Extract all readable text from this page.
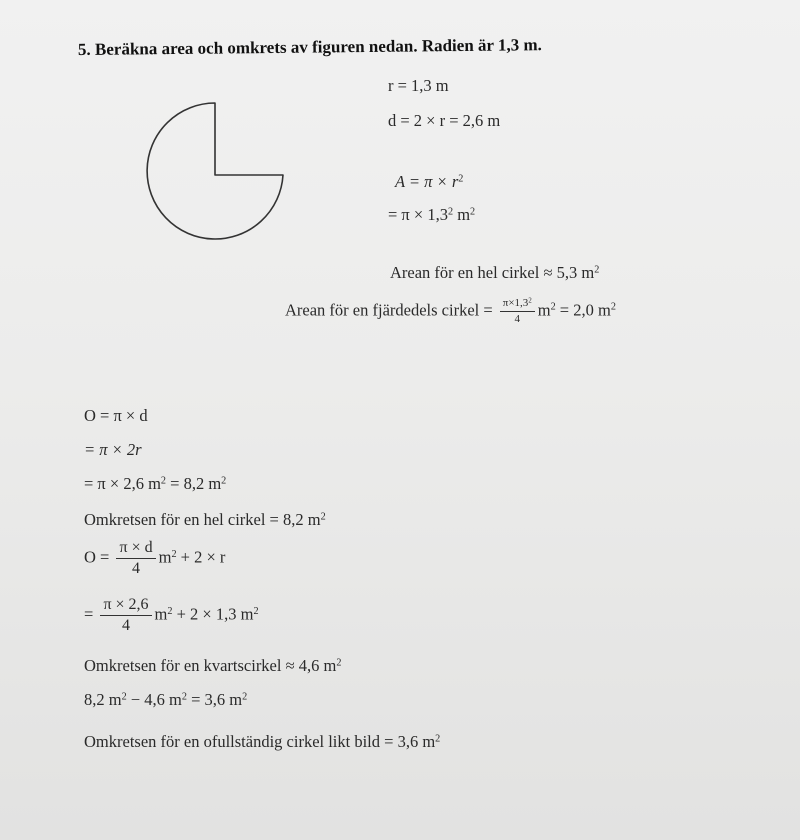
5. Beräkna area och omkrets av figuren nedan. Radien är 1,3 m.
r = 1,3 m
d = 2 × r = 2,6 m
$A = \pi \times r^2$
= $\pi \times 1,3^2$ $m^2$
Arean för en hel cirkel ≈ 5,3 $m^2$
Arean för en fjärdedels cirkel = $\frac{\pi\times 1,3^2}{4} m^2 = 2,0$ $m^2$
O = π × d
= π × 2r
= π × 2,6 $m^2 = 8,2$ $m^2$
Omkretsen för en hel cirkel = 8,2 $m^2$
$O = \frac{\pi \times d}{4} m^2 + 2 \times r$
= $\frac{\pi \times 2,6}{4} m^2 + 2 \times 1,3$ $m^2$
Omkretsen för en kvartscirkel ≈ 4,6 $m^2$
8,2 $m^2 - 4,6$ $m^2 = 3,6$ $m^2$
Omkretsen för en ofullständig cirkel likt bild = 3,6 $m^2$
